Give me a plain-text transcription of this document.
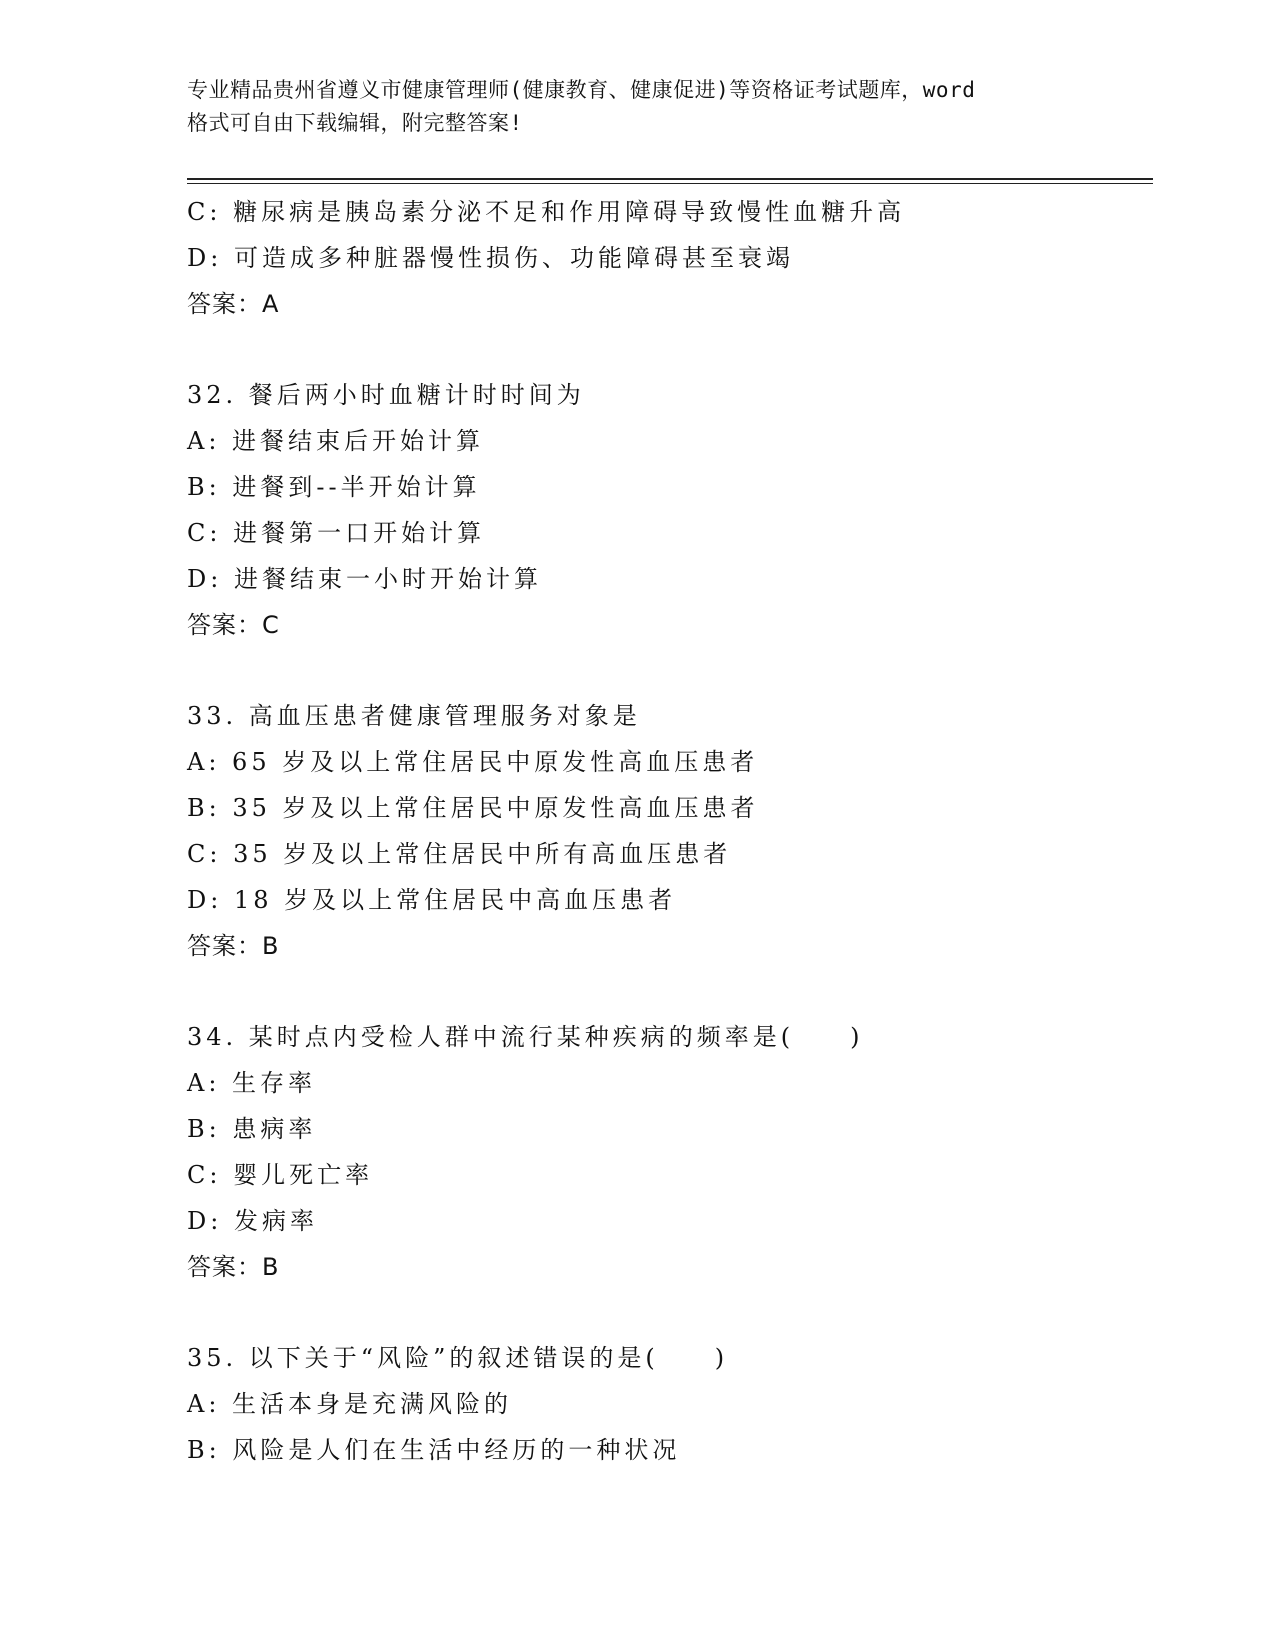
专业精品贵州省遵义市健康管理师(健康教育、健康促进)等资格证考试题库，word
格式可自由下载编辑，附完整答案!
C: 糖尿病是胰岛素分泌不足和作用障碍导致慢性血糖升高
D: 可造成多种脏器慢性损伤、功能障碍甚至衰竭
答案：A
32. 餐后两小时血糖计时时间为
A: 进餐结束后开始计算
B: 进餐到--半开始计算
C: 进餐第一口开始计算
D: 进餐结束一小时开始计算
答案：C
33. 高血压患者健康管理服务对象是
A: 65 岁及以上常住居民中原发性高血压患者
B: 35 岁及以上常住居民中原发性高血压患者
C: 35 岁及以上常住居民中所有高血压患者
D: 18 岁及以上常住居民中高血压患者
答案：B
34. 某时点内受检人群中流行某种疾病的频率是(　　)
A: 生存率
B: 患病率
C: 婴儿死亡率
D: 发病率
答案：B
35. 以下关于“风险”的叙述错误的是(　　)
A: 生活本身是充满风险的
B: 风险是人们在生活中经历的一种状况
